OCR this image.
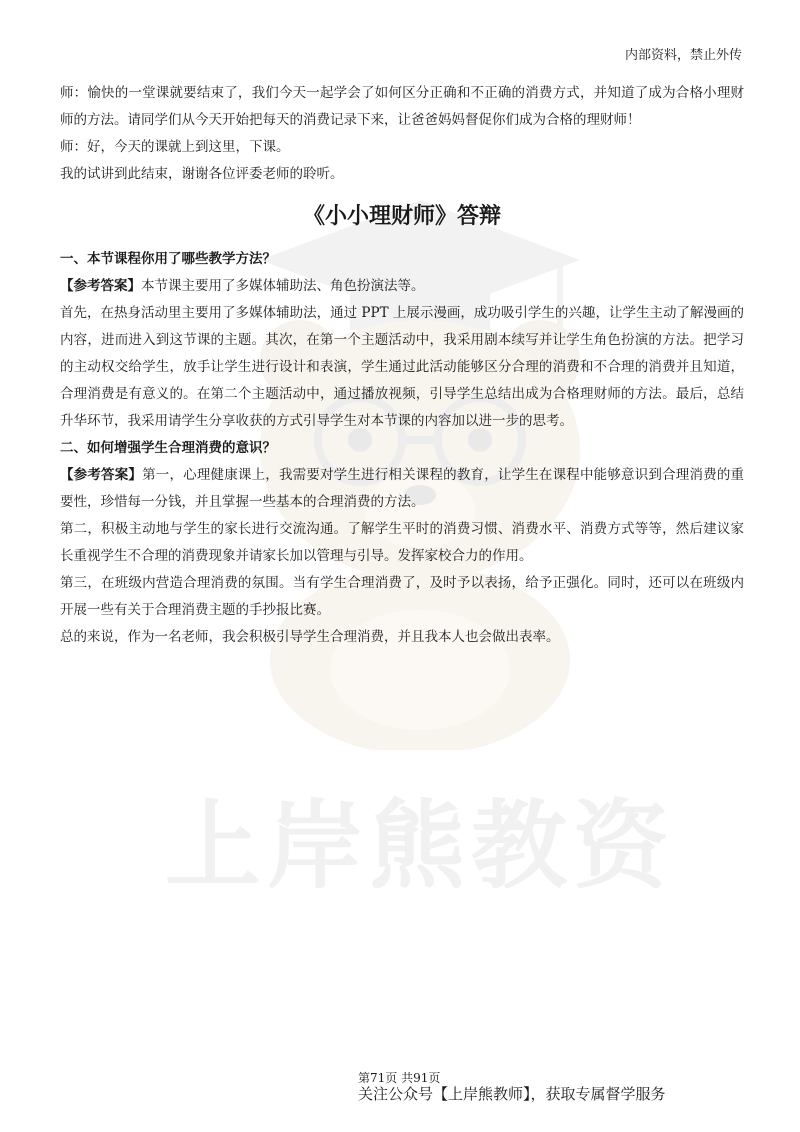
上岸熊教资
内部资料，禁止外传

师：愉快的一堂课就要结束了，我们今天一起学会了如何区分正确和不正确的消费方式，并知道了成为合格小理财师的方法。请同学们从今天开始把每天的消费记录下来，让爸爸妈妈督促你们成为合格的理财师！

师：好，今天的课就上到这里，下课。

我的试讲到此结束，谢谢各位评委老师的聆听。

《小小理财师》答辩

一、本节课程你用了哪些教学方法？

【参考答案】本节课主要用了多媒体辅助法、角色扮演法等。

首先，在热身活动里主要用了多媒体辅助法，通过 PPT 上展示漫画，成功吸引学生的兴趣，让学生主动了解漫画的内容，进而进入到这节课的主题。其次，在第一个主题活动中，我采用剧本续写并让学生角色扮演的方法。把学习的主动权交给学生，放手让学生进行设计和表演，学生通过此活动能够区分合理的消费和不合理的消费并且知道，合理消费是有意义的。在第二个主题活动中，通过播放视频，引导学生总结出成为合格理财师的方法。最后，总结升华环节，我采用请学生分享收获的方式引导学生对本节课的内容加以进一步的思考。

二、如何增强学生合理消费的意识？

【参考答案】第一，心理健康课上，我需要对学生进行相关课程的教育，让学生在课程中能够意识到合理消费的重要性，珍惜每一分钱，并且掌握一些基本的合理消费的方法。

第二，积极主动地与学生的家长进行交流沟通。了解学生平时的消费习惯、消费水平、消费方式等等，然后建议家长重视学生不合理的消费现象并请家长加以管理与引导。发挥家校合力的作用。

第三，在班级内营造合理消费的氛围。当有学生合理消费了，及时予以表扬，给予正强化。同时，还可以在班级内开展一些有关于合理消费主题的手抄报比赛。

总的来说，作为一名老师，我会积极引导学生合理消费，并且我本人也会做出表率。

第71页 共91页
关注公众号【上岸熊教师】，获取专属督学服务
